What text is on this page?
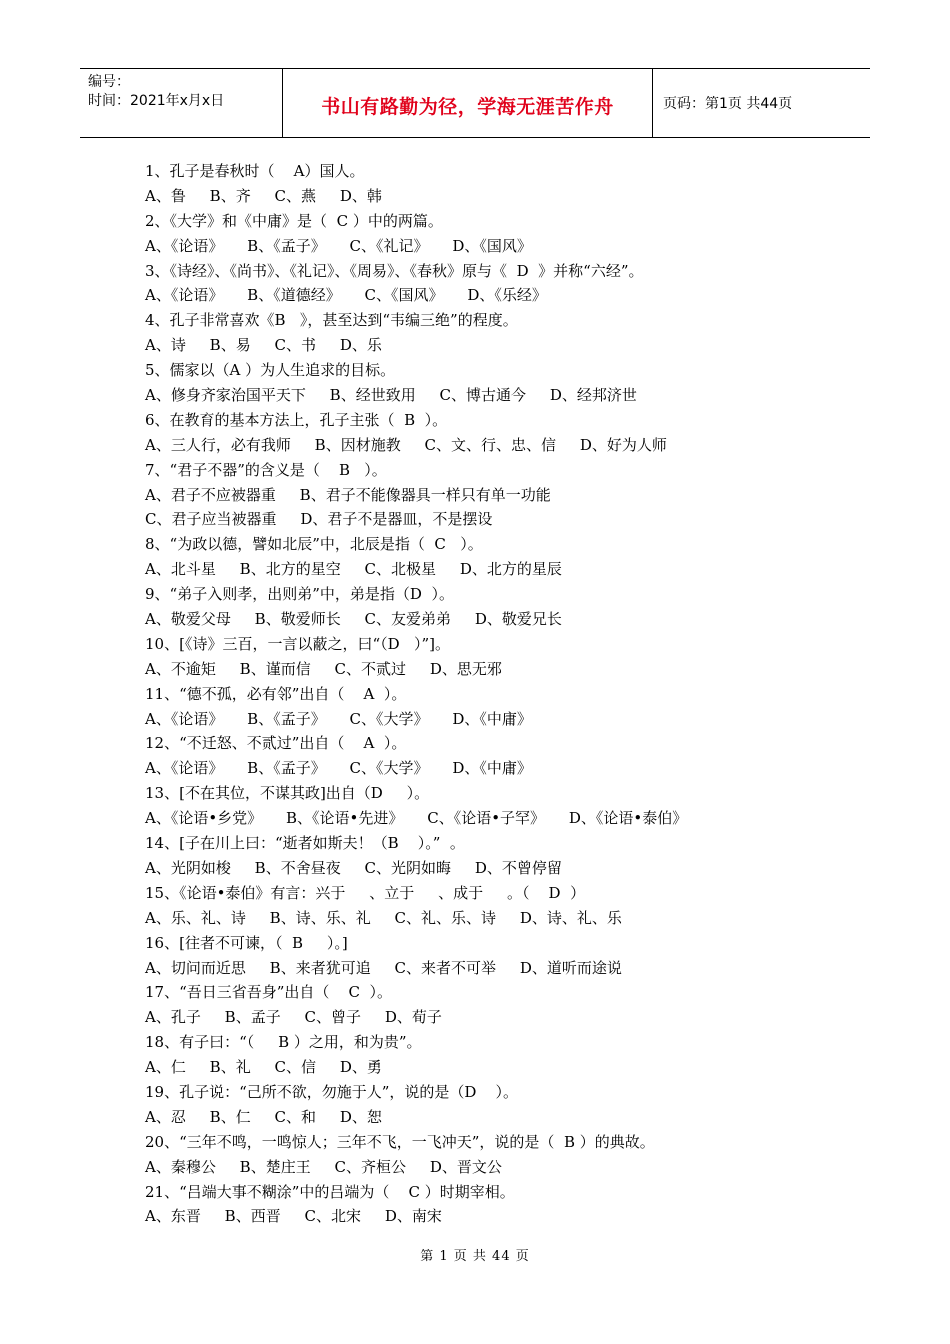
编号：
时间：2021年x月x日	书山有路勤为径，学海无涯苦作舟	页码：第1页 共44页
1、孔子是春秋时（    A）国人。
A、鲁     B、齐     C、燕     D、韩
2、《大学》和《中庸》是（  C ）中的两篇。
A、《论语》     B、《孟子》     C、《礼记》     D、《国风》
3、《诗经》、《尚书》、《礼记》、《周易》、《春秋》原与《  D  》并称“六经”。
A、《论语》     B、《道德经》     C、《国风》     D、《乐经》
4、孔子非常喜欢《B   》，甚至达到“韦编三绝”的程度。
A、诗     B、易     C、书     D、乐
5、儒家以（A ）为人生追求的目标。
A、修身齐家治国平天下     B、经世致用     C、博古通今     D、经邦济世
6、在教育的基本方法上，孔子主张（  B  ）。
A、三人行，必有我师     B、因材施教     C、文、行、忠、信     D、好为人师
7、“君子不器”的含义是（    B   ）。
A、君子不应被器重     B、君子不能像器具一样只有单一功能
C、君子应当被器重     D、君子不是器皿，不是摆设
8、“为政以德，譬如北辰”中，北辰是指（  C   ）。
A、北斗星     B、北方的星空     C、北极星     D、北方的星辰
9、“弟子入则孝，出则弟”中，弟是指（D  ）。
A、敬爱父母     B、敬爱师长     C、友爱弟弟     D、敬爱兄长
10、[《诗》三百，一言以蔽之，曰“（D   ）”]。
A、不逾矩     B、谨而信     C、不贰过     D、思无邪
11、“德不孤，必有邻”出自（    A  ）。
A、《论语》     B、《孟子》     C、《大学》     D、《中庸》
12、“不迁怒、不贰过”出自（    A  ）。
A、《论语》     B、《孟子》     C、《大学》     D、《中庸》
13、[不在其位，不谋其政]出自（D     ）。
A、《论语•乡党》     B、《论语•先进》     C、《论语•子罕》     D、《论语•泰伯》
14、[子在川上曰：“逝者如斯夫！（B    ）。”  。
A、光阴如梭     B、不舍昼夜     C、光阴如晦     D、不曾停留
15、《论语•泰伯》有言：兴于     、立于     、成于     。（    D  ）
A、乐、礼、诗     B、诗、乐、礼     C、礼、乐、诗     D、诗、礼、乐
16、[往者不可谏，（  B     ）。]
A、切问而近思     B、来者犹可追     C、来者不可举     D、道听而途说
17、“吾日三省吾身”出自（    C  ）。
A、孔子     B、孟子     C、曾子     D、荀子
18、有子曰：“（     B ）之用，和为贵”。
A、仁     B、礼     C、信     D、勇
19、孔子说：“己所不欲，勿施于人”，说的是（D    ）。
A、忍     B、仁     C、和     D、恕
20、“三年不鸣，一鸣惊人；三年不飞，一飞冲天”，说的是（  B ）的典故。
A、秦穆公     B、楚庄王     C、齐桓公     D、晋文公
21、“吕端大事不糊涂”中的吕端为（    C ）时期宰相。
A、东晋     B、西晋     C、北宋     D、南宋
第 1 页 共 44 页
